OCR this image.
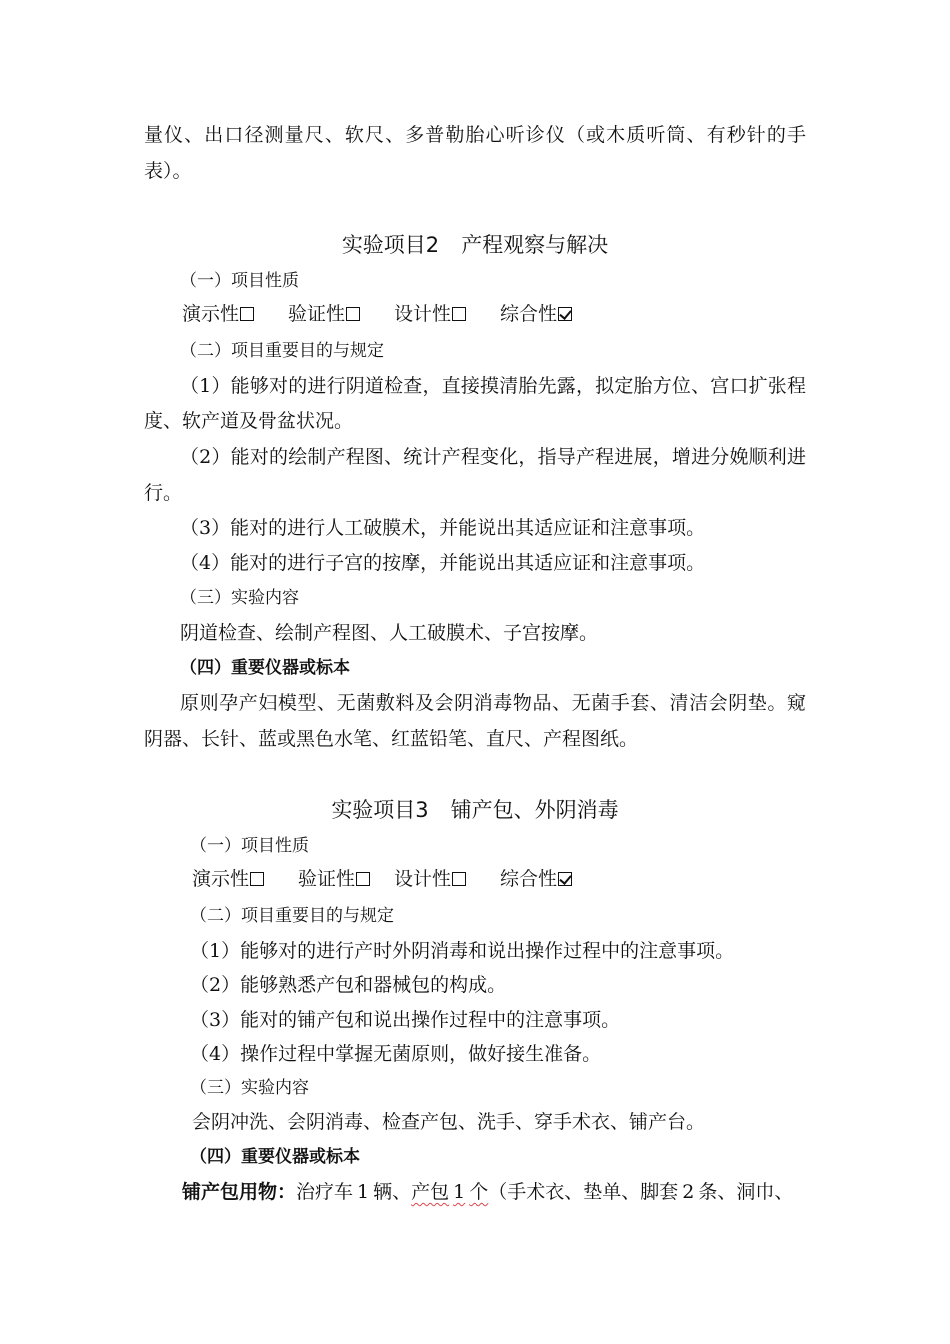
量仪、出口径测量尺、软尺、多普勒胎心听诊仪（或木质听筒、有秒针的手
表）。
实验项目2 产程观察与解决
（一）项目性质
演示性	验证性	设计性	综合性
（二）项目重要目的与规定
（1）能够对的进行阴道检查，直接摸清胎先露，拟定胎方位、宫口扩张程
度、软产道及骨盆状况。
（2）能对的绘制产程图、统计产程变化，指导产程进展，增进分娩顺利进
行。
（3）能对的进行人工破膜术，并能说出其适应证和注意事项。
（4）能对的进行子宫的按摩，并能说出其适应证和注意事项。
（三）实验内容
阴道检查、绘制产程图、人工破膜术、子宫按摩。
（四）重要仪器或标本
原则孕产妇模型、无菌敷料及会阴消毒物品、无菌手套、清洁会阴垫。窥
阴器、长针、蓝或黑色水笔、红蓝铅笔、直尺、产程图纸。
实验项目3 铺产包、外阴消毒
（一）项目性质
演示性	验证性 设计性	综合性
（二）项目重要目的与规定
（1）能够对的进行产时外阴消毒和说出操作过程中的注意事项。
（2）能够熟悉产包和器械包的构成。
（3）能对的铺产包和说出操作过程中的注意事项。
（4）操作过程中掌握无菌原则，做好接生准备。
（三）实验内容
会阴冲洗、会阴消毒、检查产包、洗手、穿手术衣、铺产台。
（四）重要仪器或标本
铺产包用物：治疗车 1 辆、产包 1 个（手术衣、垫单、脚套 2 条、洞巾、
